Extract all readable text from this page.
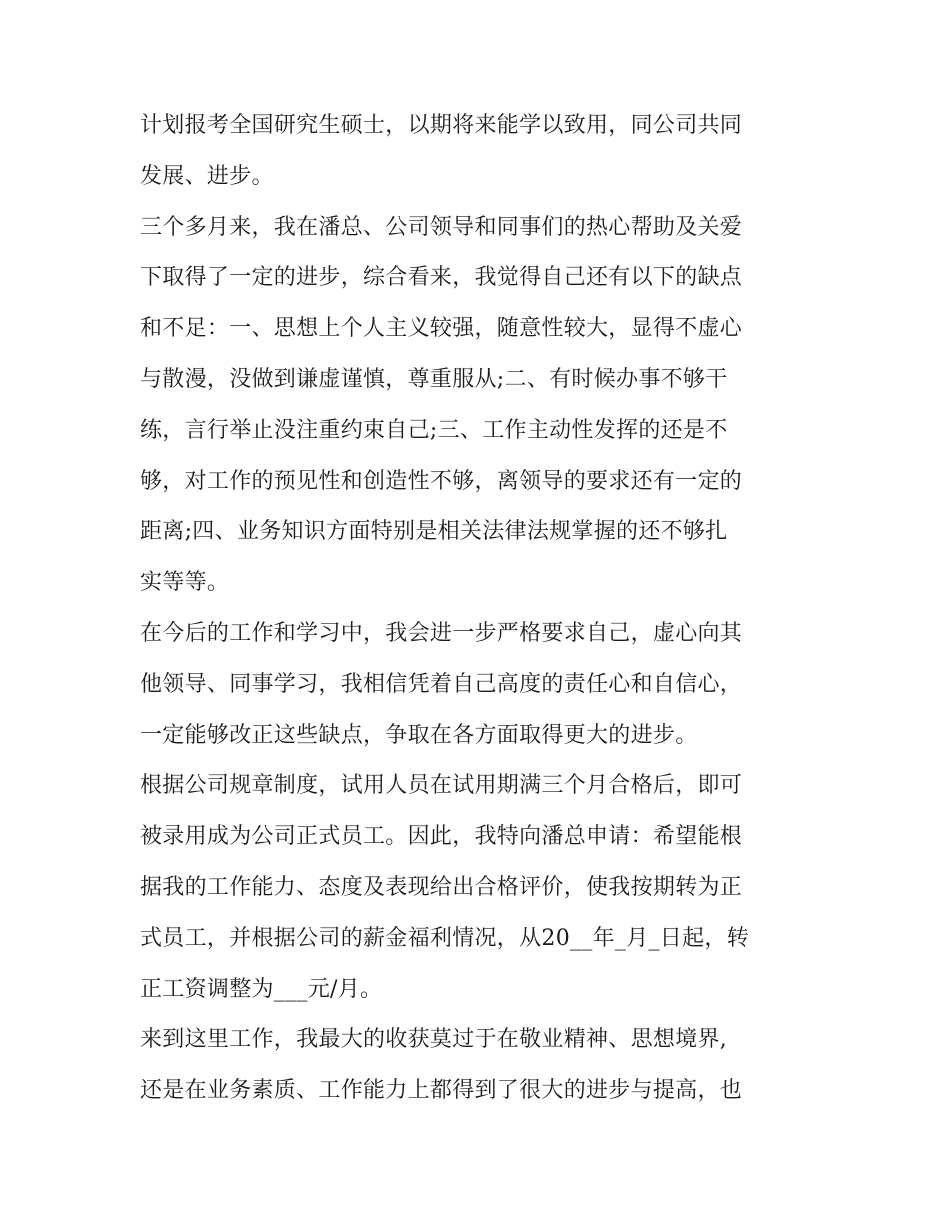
计划报考全国研究生硕士，以期将来能学以致用，同公司共同
发展、进步。

三个多月来，我在潘总、公司领导和同事们的热心帮助及关爱
下取得了一定的进步，综合看来，我觉得自己还有以下的缺点
和不足：一、思想上个人主义较强，随意性较大，显得不虚心
与散漫，没做到谦虚谨慎，尊重服从;二、有时候办事不够干
练，言行举止没注重约束自己;三、工作主动性发挥的还是不
够，对工作的预见性和创造性不够，离领导的要求还有一定的
距离;四、业务知识方面特别是相关法律法规掌握的还不够扎
实等等。

在今后的工作和学习中，我会进一步严格要求自己，虚心向其
他领导、同事学习，我相信凭着自己高度的责任心和自信心，
一定能够改正这些缺点，争取在各方面取得更大的进步。

根据公司规章制度，试用人员在试用期满三个月合格后，即可
被录用成为公司正式员工。因此，我特向潘总申请：希望能根
据我的工作能力、态度及表现给出合格评价，使我按期转为正
式员工，并根据公司的薪金福利情况，从20__年_月_日起，转
正工资调整为___元/月。

来到这里工作，我最大的收获莫过于在敬业精神、思想境界,
还是在业务素质、工作能力上都得到了很大的进步与提高，也
